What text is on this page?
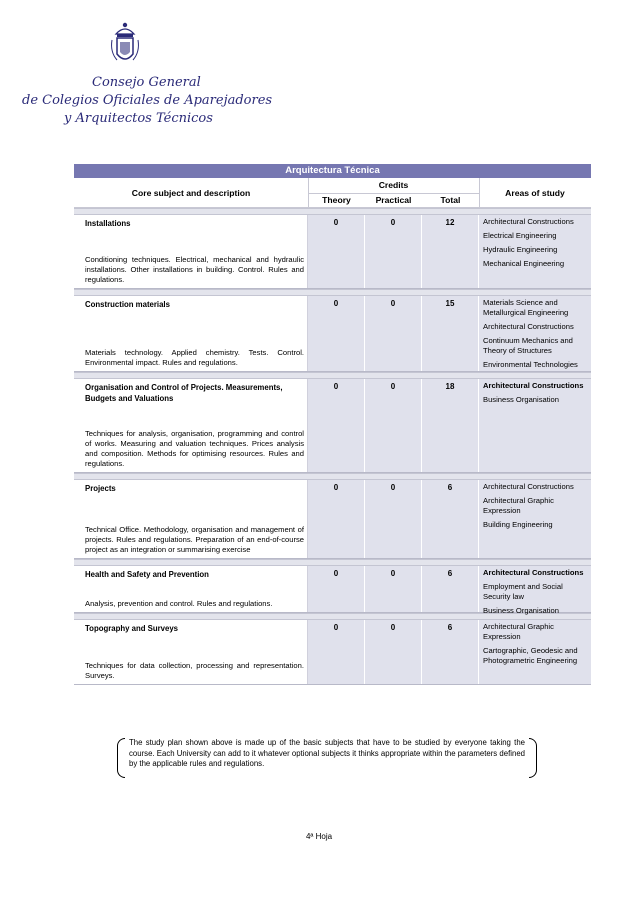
Consejo General
de Colegios Oficiales de Aparejadores
y Arquitectos Técnicos
Arquitectura Técnica
Core subject and description
Credits
Theory	Practical	Total
Areas of study
Installations
Conditioning techniques. Electrical, mechanical and hydraulic installations. Other installations in building. Control. Rules and regulations.
0	0	12	Architectural Constructions
Electrical Engineering
Hydraulic Engineering
Mechanical Engineering
Construction materials
Materials technology. Applied chemistry. Tests. Control. Environmental impact. Rules and regulations.
0	0	15	Materials Science and Metallurgical Engineering
Architectural Constructions
Continuum Mechanics and Theory of Structures
Environmental Technologies
Organisation and Control of Projects. Measurements, Budgets and Valuations
Techniques for analysis, organisation, programming and control of works. Measuring and valuation techniques. Prices analysis and composition. Methods for optimising resources. Rules and regulations.
0	0	18	Architectural Constructions
Business Organisation
Projects
Technical Office. Methodology, organisation and management of projects. Rules and regulations. Preparation of an end-of-course project as an integration or summarising exercise
0	0	6	Architectural Constructions
Architectural Graphic Expression
Building Engineering
Health and Safety and Prevention
Analysis, prevention and control. Rules and regulations.
0	0	6	Architectural Constructions
Employment and Social Security law
Business Organisation
Topography and Surveys
Techniques for data collection, processing and representation. Surveys.
0	0	6	Architectural Graphic Expression
Cartographic, Geodesic and Photogrametric Engineering
The study plan shown above is made up of the basic subjects that have to be studied by everyone taking the course. Each University can add to it whatever optional subjects it thinks appropriate within the parameters defined by the applicable rules and regulations.
4ª Hoja
